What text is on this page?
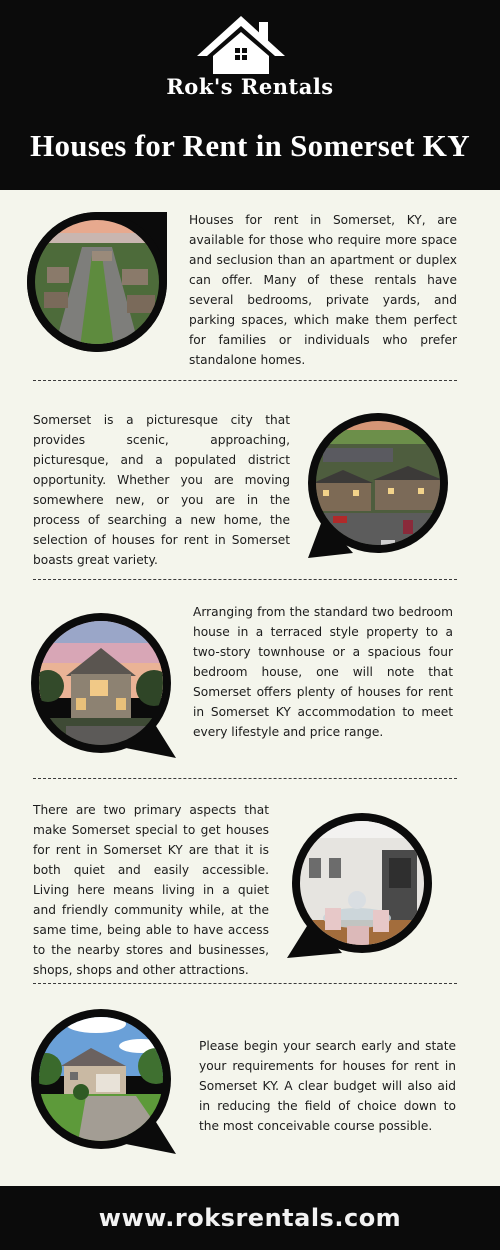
Rok's Rentals
Houses for Rent in Somerset KY

Houses for rent in Somerset, KY, are available for those who require more space and seclusion than an apartment or duplex can offer. Many of these rentals have several bedrooms, private yards, and parking spaces, which make them perfect for families or individuals who prefer standalone homes.

Somerset is a picturesque city that provides scenic, approaching, picturesque, and a populated district opportunity. Whether you are moving somewhere new, or you are in the process of searching a new home, the selection of houses for rent in Somerset boasts great variety.

Arranging from the standard two bedroom house in a terraced style property to a two-story townhouse or a spacious four bedroom house, one will note that Somerset offers plenty of houses for rent in Somerset KY accommodation to meet every lifestyle and price range.

There are two primary aspects that make Somerset special to get houses for rent in Somerset KY are that it is both quiet and easily accessible. Living here means living in a quiet and friendly community while, at the same time, being able to have access to the nearby stores and businesses, shops, shops and other attractions.

Please begin your search early and state your requirements for houses for rent in Somerset KY. A clear budget will also aid in reducing the field of choice down to the most conceivable course possible.

www.roksrentals.com
